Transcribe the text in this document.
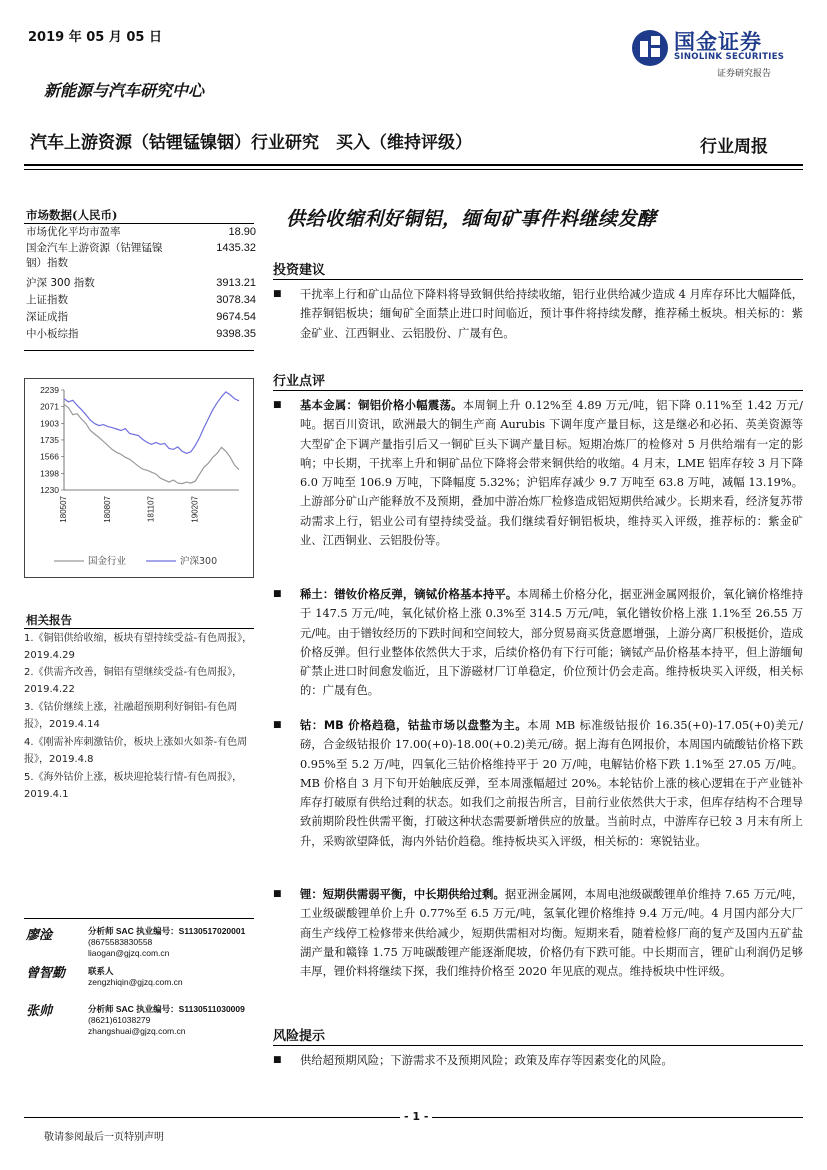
2019 年 05 月 05 日	国金证券
SINOLINK SECURITIES
证券研究报告
新能源与汽车研究中心
汽车上游资源（钴锂锰镍铟）行业研究　买入（维持评级）	行业周报
市场数据(人民币)
市场优化平均市盈率	18.90
国金汽车上游资源（钴锂锰镍铟）指数
1435.32
沪深 300 指数	3913.21
上证指数	3078.34
深证成指	9674.54
中小板综指	9398.35
2239
2071
1903
1735
1566
1398
1230
180507	180807	181107	190207
国金行业	沪深300
相关报告
1.《铜铝供给收缩，板块有望持续受益-有色周报》，2019.4.29
2.《供需齐改善，铜铝有望继续受益-有色周报》，2019.4.22
3.《钴价继续上涨，社融超预期利好铜铝-有色周报》，2019.4.14
4.《刚需补库刺激钴价，板块上涨如火如荼-有色周报》，2019.4.8
5.《海外钴价上涨，板块迎抢装行情-有色周报》，2019.4.1
廖淦	分析师 SAC 执业编号：S1130517020001
(8675583830558
liaogan@gjzq.com.cn
曾智勤	联系人
zengzhiqin@gjzq.com.cn
张帅	分析师 SAC 执业编号：S1130511030009
(8621)61038279
zhangshuai@gjzq.com.cn
供给收缩利好铜铝，缅甸矿事件料继续发酵
投资建议
■	干扰率上行和矿山品位下降料将导致铜供给持续收缩，铝行业供给减少造成 4 月库存环比大幅降低，推荐铜铝板块；缅甸矿全面禁止进口时间临近，预计事件将持续发酵，推荐稀土板块。相关标的：紫金矿业、江西铜业、云铝股份、广晟有色。
行业点评
■	基本金属：铜铝价格小幅震荡。本周铜上升 0.12%至 4.89 万元/吨，铝下降 0.11%至 1.42 万元/吨。据百川资讯，欧洲最大的铜生产商 Aurubis 下调年度产量目标，这是继必和必拓、英美资源等大型矿企下调产量指引后又一铜矿巨头下调产量目标。短期冶炼厂的检修对 5 月供给端有一定的影响；中长期，干扰率上升和铜矿品位下降将会带来铜供给的收缩。4 月末，LME 铝库存较 3 月下降 6.0 万吨至 106.9 万吨，下降幅度 5.32%；沪铝库存减少 9.7 万吨至 63.8 万吨，减幅 13.19%。上游部分矿山产能释放不及预期，叠加中游冶炼厂检修造成铝短期供给减少。长期来看，经济复苏带动需求上行，铝业公司有望持续受益。我们继续看好铜铝板块，维持买入评级，推荐标的：紫金矿业、江西铜业、云铝股份等。
■	稀土：镨钕价格反弹，镝铽价格基本持平。本周稀土价格分化，据亚洲金属网报价，氧化镝价格维持于 147.5 万元/吨，氧化铽价格上涨 0.3%至 314.5 万元/吨，氧化镨钕价格上涨 1.1%至 26.55 万元/吨。由于镨钕经历的下跌时间和空间较大，部分贸易商买货意愿增强，上游分离厂积极挺价，造成价格反弹。但行业整体依然供大于求，后续价格仍有下行可能；镝铽产品价格基本持平，但上游缅甸矿禁止进口时间愈发临近，且下游磁材厂订单稳定，价位预计仍会走高。维持板块买入评级，相关标的：广晟有色。
■	钴：MB 价格趋稳，钴盐市场以盘整为主。本周 MB 标准级钴报价 16.35(+0)-17.05(+0)美元/磅，合金级钴报价 17.00(+0)-18.00(+0.2)美元/磅。据上海有色网报价，本周国内硫酸钴价格下跌 0.95%至 5.2 万/吨，四氧化三钴价格维持平于 20 万/吨，电解钴价格下跌 1.1%至 27.05 万/吨。MB 价格自 3 月下旬开始触底反弹，至本周涨幅超过 20%。本轮钴价上涨的核心逻辑在于产业链补库存打破原有供给过剩的状态。如我们之前报告所言，目前行业依然供大于求，但库存结构不合理导致前期阶段性供需平衡，打破这种状态需要新增供应的放量。当前时点，中游库存已较 3 月末有所上升，采购欲望降低，海内外钴价趋稳。维持板块买入评级，相关标的：寒锐钴业。
■	锂：短期供需弱平衡，中长期供给过剩。据亚洲金属网，本周电池级碳酸锂单价维持 7.65 万元/吨，工业级碳酸锂单价上升 0.77%至 6.5 万元/吨，氢氧化锂价格维持 9.4 万元/吨。4 月国内部分大厂商生产线停工检修带来供给减少，短期供需相对均衡。短期来看，随着检修厂商的复产及国内五矿盐湖产量和赣锋 1.75 万吨碳酸锂产能逐渐爬坡，价格仍有下跌可能。中长期而言，锂矿山利润仍足够丰厚，锂价料将继续下探，我们维持价格至 2020 年见底的观点。维持板块中性评级。
风险提示
■	供给超预期风险；下游需求不及预期风险；政策及库存等因素变化的风险。
- 1 -
敬请参阅最后一页特别声明
